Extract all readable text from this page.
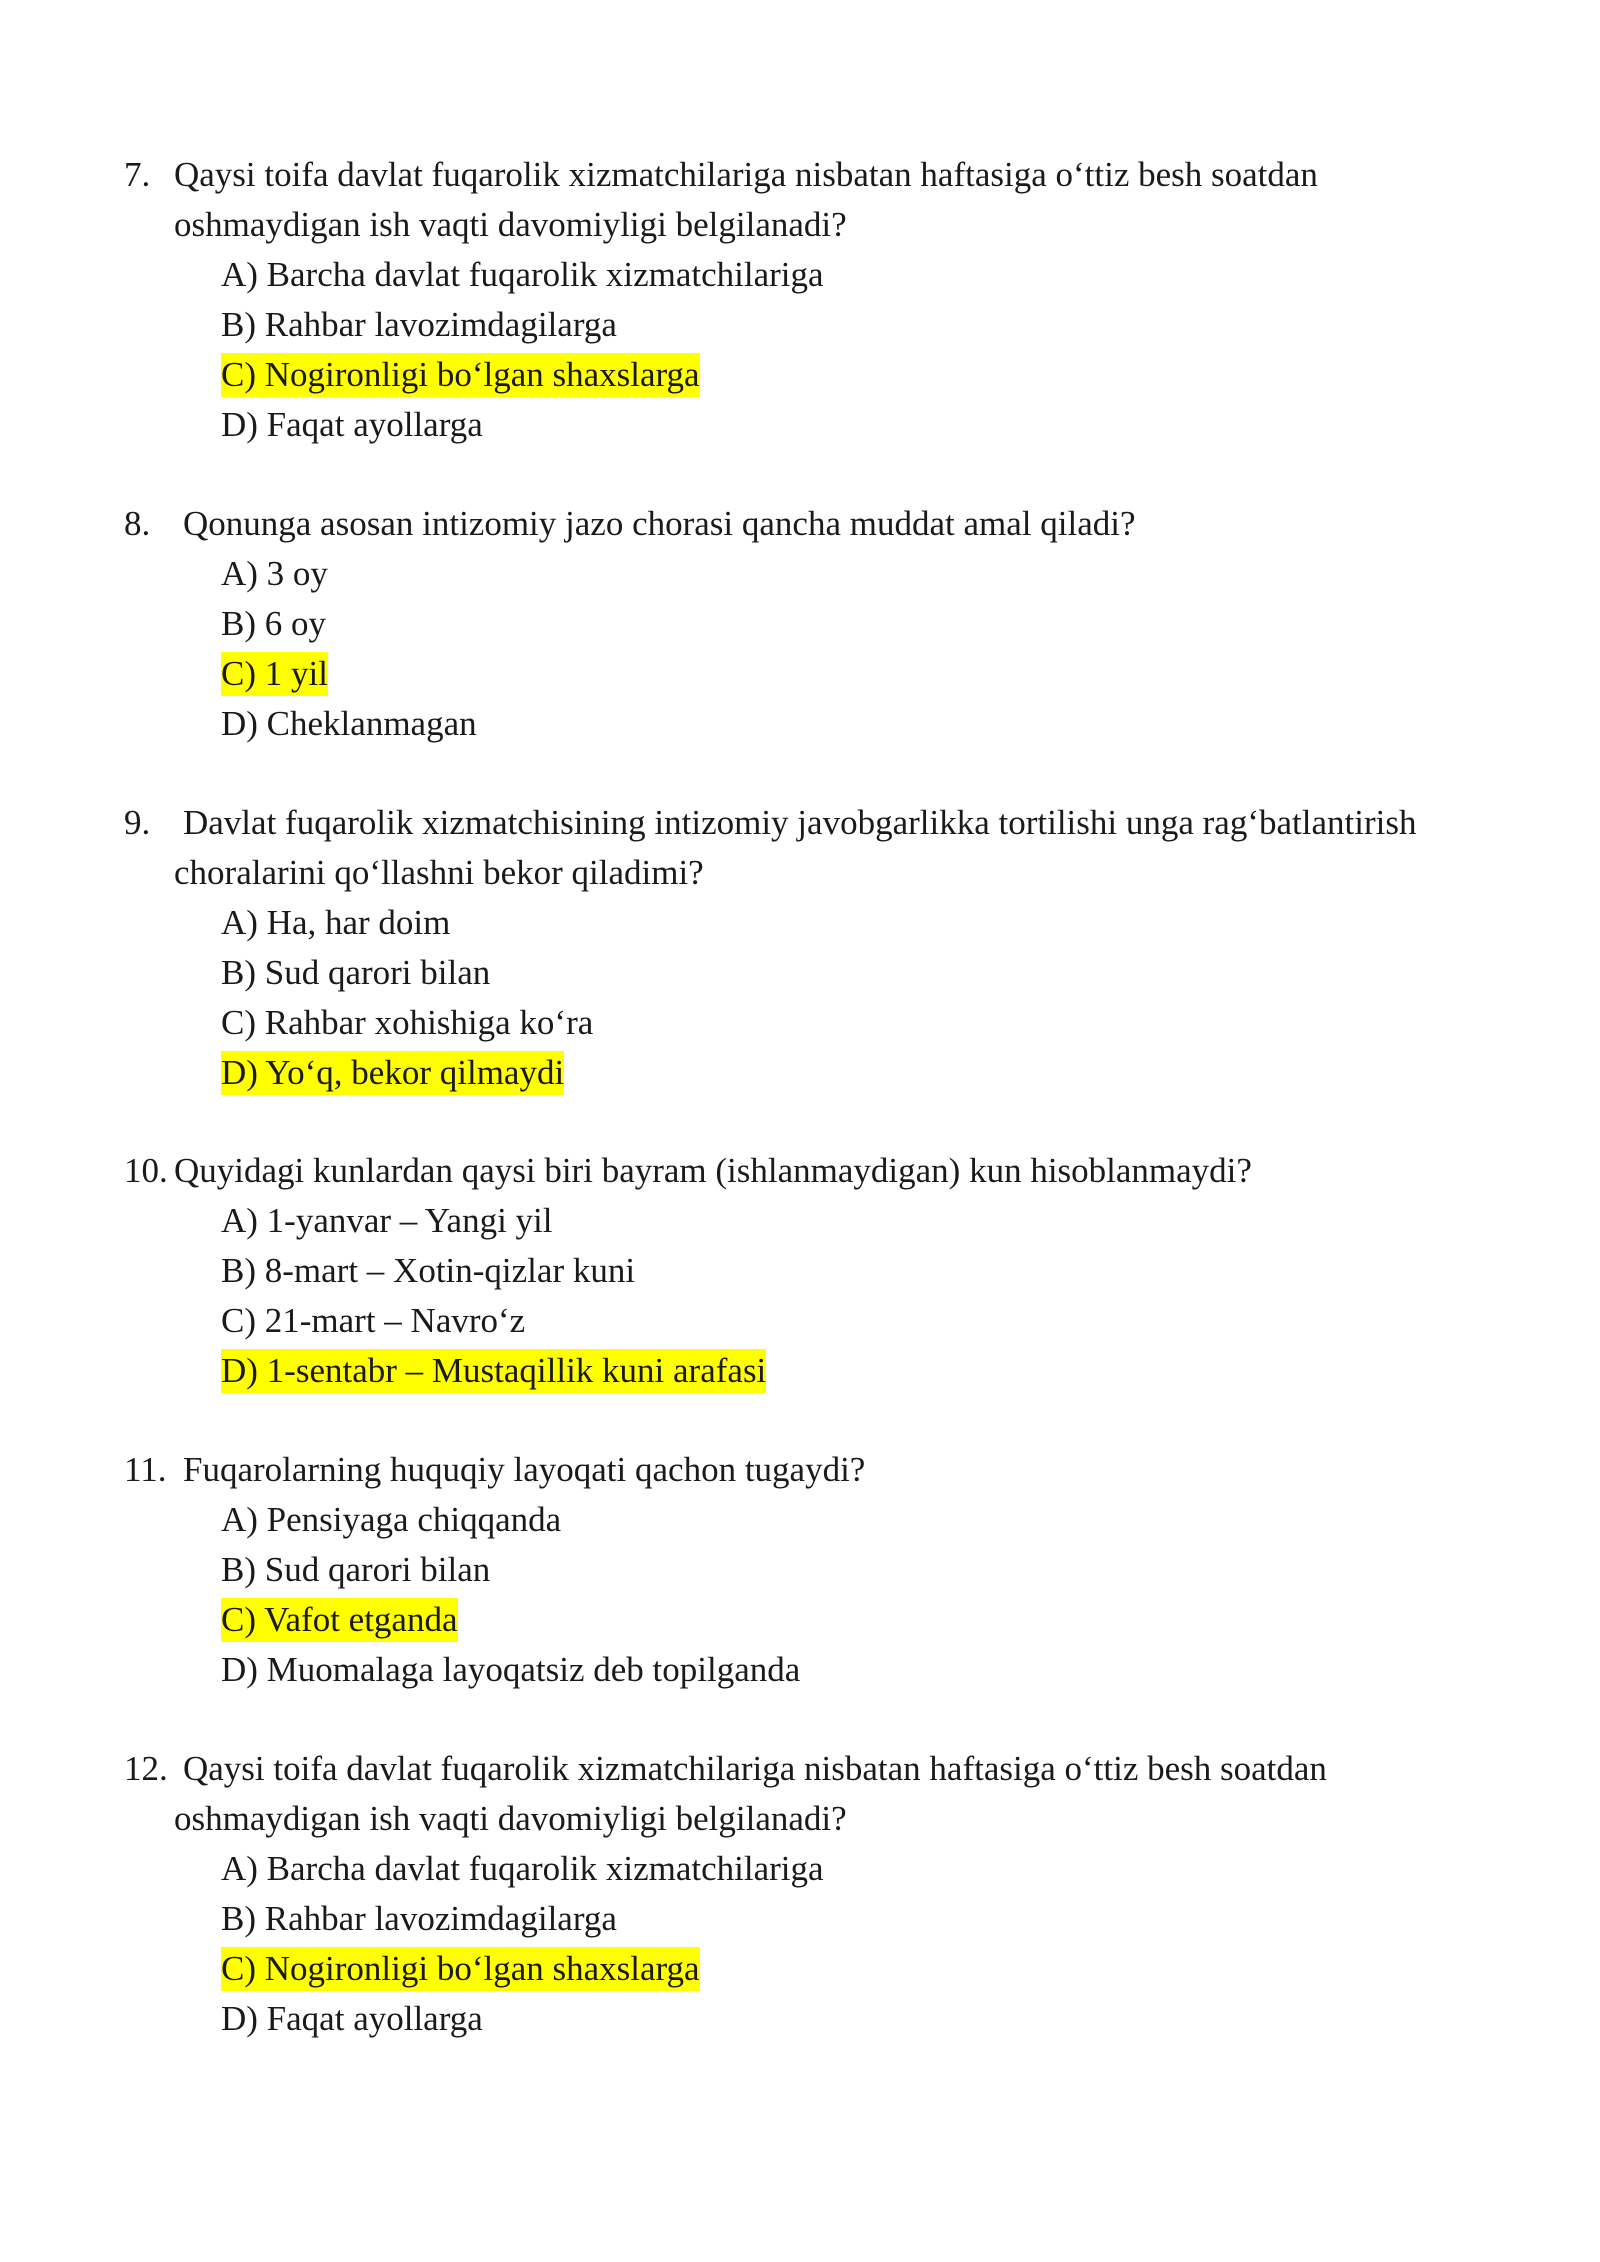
7. Qaysi toifa davlat fuqarolik xizmatchilariga nisbatan haftasiga o‘ttiz besh soatdan oshmaydigan ish vaqti davomiyligi belgilanadi?
A) Barcha davlat fuqarolik xizmatchilariga
B) Rahbar lavozimdagilarga
C) Nogironligi bo‘lgan shaxslarga
D) Faqat ayollarga
8. Qonunga asosan intizomiy jazo chorasi qancha muddat amal qiladi?
A) 3 oy
B) 6 oy
C) 1 yil
D) Cheklanmagan
9. Davlat fuqarolik xizmatchisining intizomiy javobgarlikka tortilishi unga rag‘batlantirish choralarini qo‘llashni bekor qiladimi?
A) Ha, har doim
B) Sud qarori bilan
C) Rahbar xohishiga ko‘ra
D) Yo‘q, bekor qilmaydi
10. Quyidagi kunlardan qaysi biri bayram (ishlanmaydigan) kun hisoblanmaydi?
A) 1-yanvar – Yangi yil
B) 8-mart – Xotin-qizlar kuni
C) 21-mart – Navro‘z
D) 1-sentabr – Mustaqillik kuni arafasi
11. Fuqarolarning huquqiy layoqati qachon tugaydi?
A) Pensiyaga chiqqanda
B) Sud qarori bilan
C) Vafot etganda
D) Muomalaga layoqatsiz deb topilganda
12. Qaysi toifa davlat fuqarolik xizmatchilariga nisbatan haftasiga o‘ttiz besh soatdan oshmaydigan ish vaqti davomiyligi belgilanadi?
A) Barcha davlat fuqarolik xizmatchilariga
B) Rahbar lavozimdagilarga
C) Nogironligi bo‘lgan shaxslarga
D) Faqat ayollarga
